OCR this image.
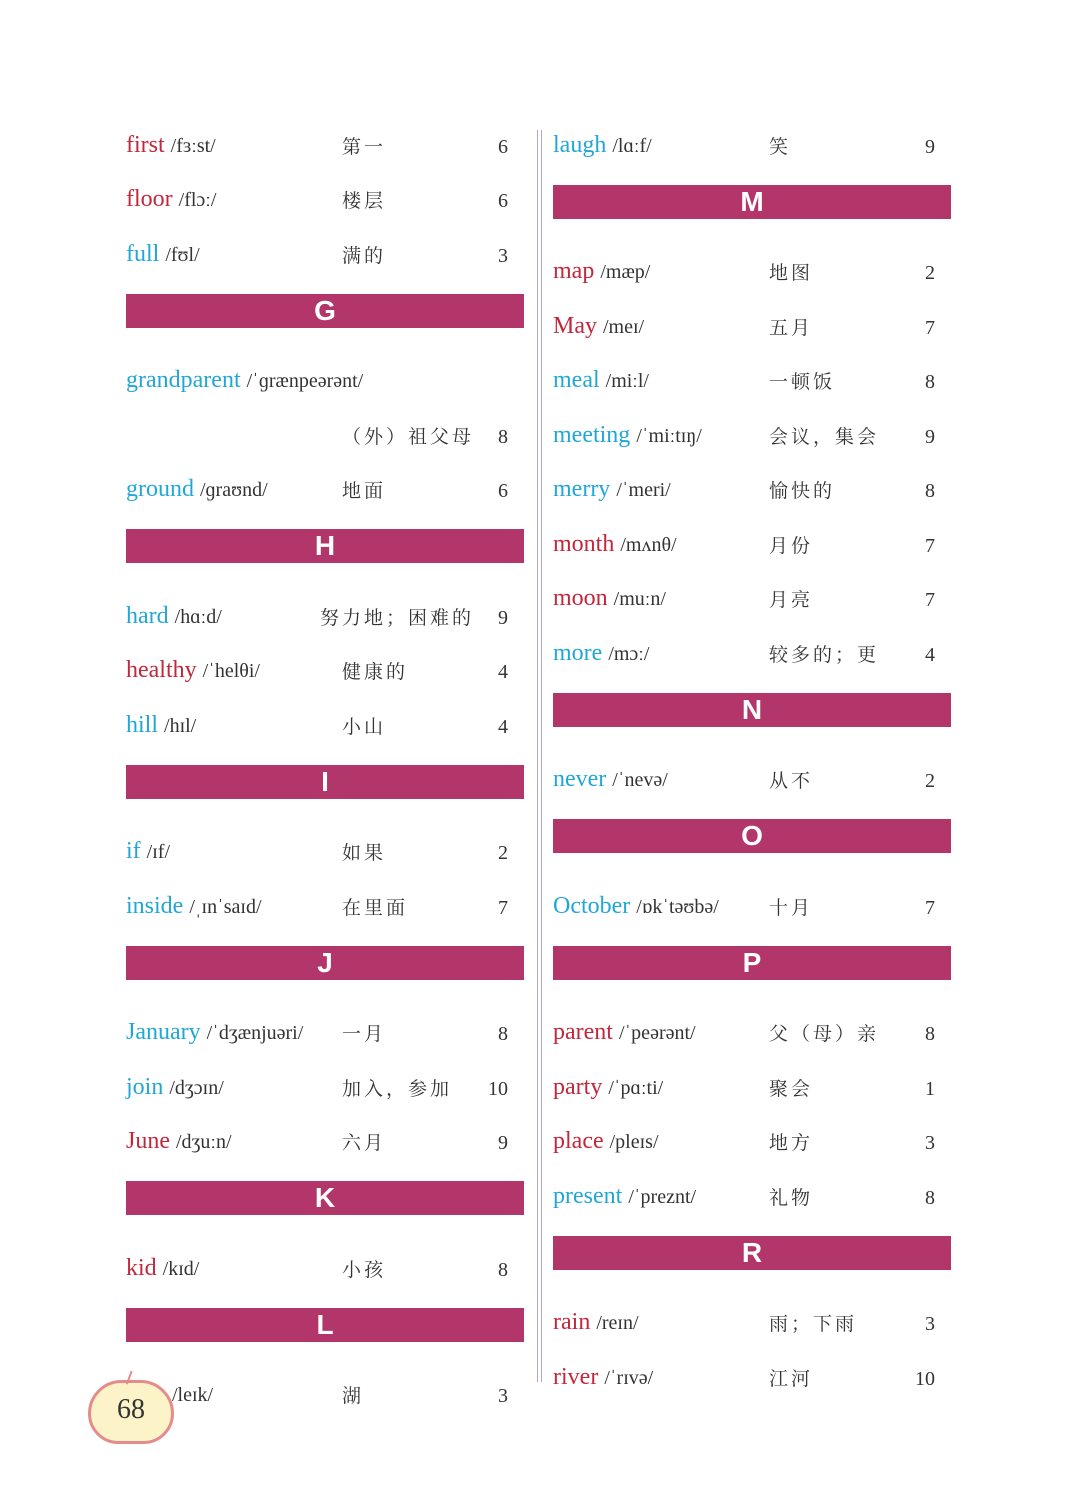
first /fɜːst/	第一	6
floor /flɔː/	楼层	6
full /fʊl/	满的	3
G
grandparent /ˈɡrænpeərənt/
（外）祖父母 8
ground /ɡraʊnd/	地面	6
H
hard /hɑːd/	努力地；困难的 9
healthy /ˈhelθi/	健康的	4
hill /hɪl/	小山	4
I
if /ɪf/	如果	2
inside /ˌɪnˈsaɪd/	在里面	7
J
January /ˈdʒænjuəri/ 一月	8
join /dʒɔɪn/	加入，参加 10
June /dʒuːn/	六月	9
K
kid /kɪd/	小孩	8
L
/leɪk/	湖	3
laugh /lɑːf/	笑	9
M
map /mæp/	地图	2
May /meɪ/	五月	7
meal /miːl/	一顿饭	8
meeting /ˈmiːtɪŋ/	会议，集会 9
merry /ˈmeri/	愉快的	8
month /mʌnθ/	月份	7
moon /muːn/	月亮	7
more /mɔː/	较多的；更 4
N
never /ˈnevə/	从不	2
O
October /ɒkˈtəʊbə/	十月	7
P
parent /ˈpeərənt/	父（母）亲 8
party /ˈpɑːti/	聚会	1
place /pleɪs/	地方	3
present /ˈpreznt/	礼物	8
R
rain /reɪn/	雨；下雨	3
river /ˈrɪvə/	江河	10
68
